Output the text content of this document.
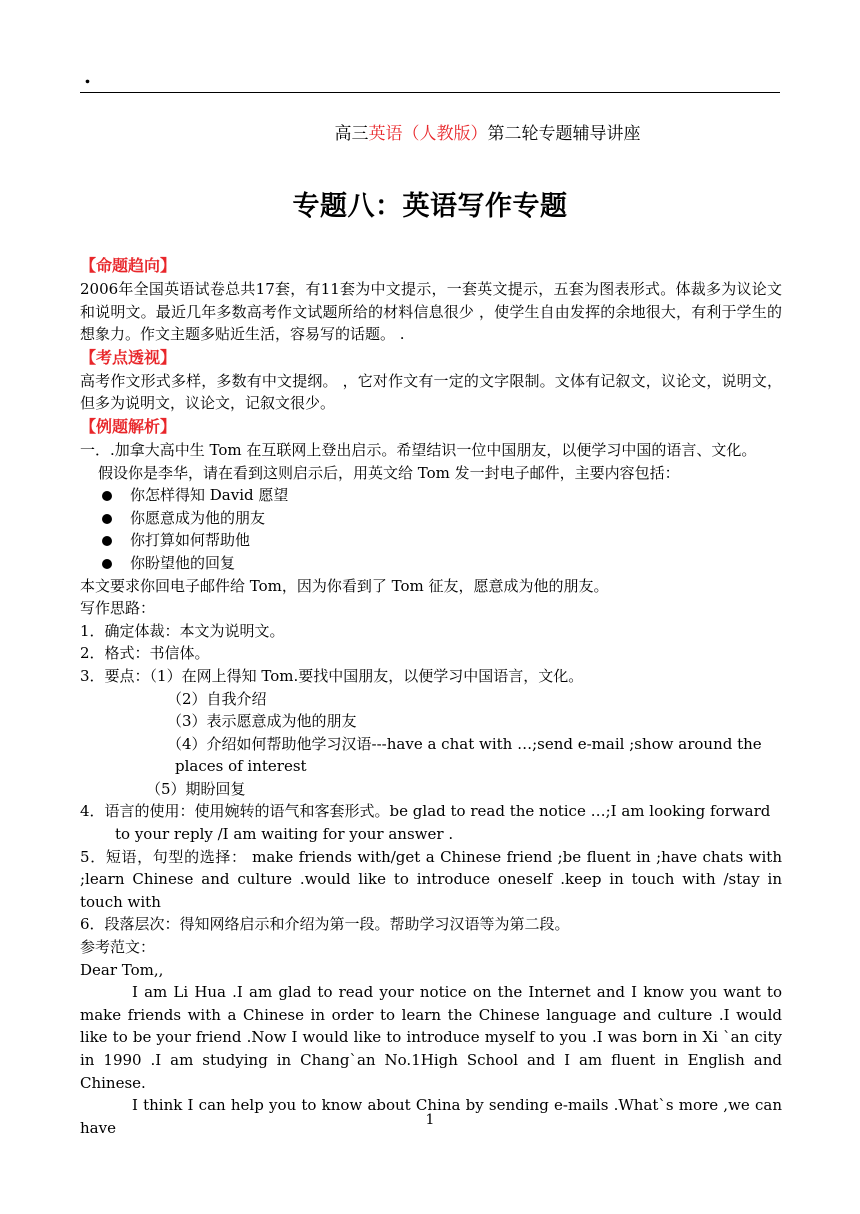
.
高三英语（人教版）第二轮专题辅导讲座
专题八：英语写作专题
【命题趋向】

2006年全国英语试卷总共17套，有11套为中文提示，一套英文提示，五套为图表形式。体裁多为议论文和说明文。最近几年多数高考作文试题所给的材料信息很少 ，使学生自由发挥的余地很大，有利于学生的想象力。作文主题多贴近生活，容易写的话题。 .

【考点透视】

高考作文形式多样，多数有中文提纲。 ，它对作文有一定的文字限制。文体有记叙文，议论文，说明文，但多为说明文，议论文，记叙文很少。

【例题解析】

一．.加拿大高中生 Tom 在互联网上登出启示。希望结识一位中国朋友，以便学习中国的语言、文化。

假设你是李华，请在看到这则启示后，用英文给 Tom 发一封电子邮件，主要内容包括：

你怎样得知 David 愿望

你愿意成为他的朋友

你打算如何帮助他

你盼望他的回复

本文要求你回电子邮件给 Tom，因为你看到了 Tom 征友，愿意成为他的朋友。

写作思路：

1．确定体裁：本文为说明文。

2．格式：书信体。

3．要点：（1）在网上得知 Tom.要找中国朋友，以便学习中国语言，文化。

（2）自我介绍

（3）表示愿意成为他的朋友

（4）介绍如何帮助他学习汉语---have a chat with …;send e-mail ;show around the

places of interest

（5）期盼回复

4．语言的使用：使用婉转的语气和客套形式。be glad to read the notice …;I am looking forward

to your reply /I am waiting for your answer .

5．短语，句型的选择： make friends with/get a Chinese friend ;be fluent in ;have chats with ;learn Chinese and culture .would like to introduce oneself .keep in touch with /stay in touch with

6．段落层次：得知网络启示和介绍为第一段。帮助学习汉语等为第二段。

参考范文：

Dear Tom,,

I am Li Hua .I am glad to read your notice on the Internet and I know you want to make friends with a Chinese in order to learn the Chinese language and culture .I would like to be your friend .Now I would like to introduce myself to you .I was born in Xi `an city in 1990 .I am studying in Chang`an No.1High School and I am fluent in English and Chinese.

I think I can help you to know about China by sending e-mails .What`s more ,we can have	1
